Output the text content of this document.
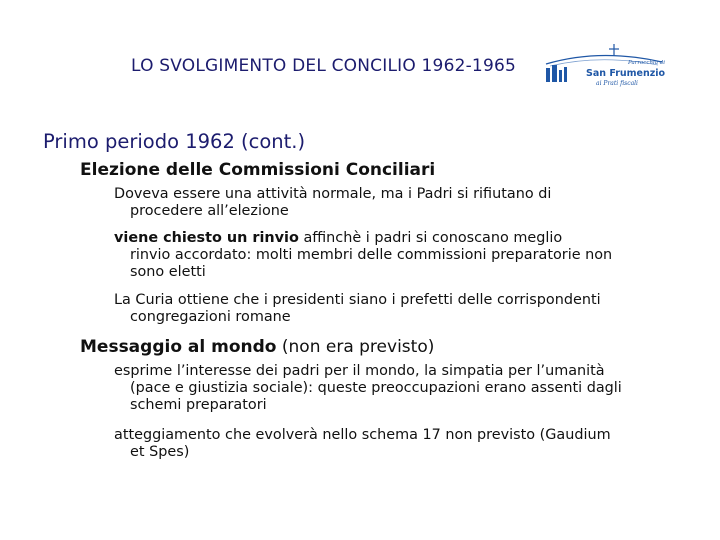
LO SVOLGIMENTO DEL CONCILIO 1962-1965	Parrocchia di
San Frumenzio
ai Prati fiscali
Primo periodo 1962 (cont.)
Elezione delle Commissioni Conciliari
Doveva essere una attività normale, ma i Padri si rifiutano di
procedere all’elezione
viene chiesto un rinvio affinchè i padri si conoscano meglio
rinvio accordato: molti membri delle commissioni preparatorie non
sono eletti
La Curia ottiene che i presidenti siano i prefetti delle corrispondenti
congregazioni romane
Messaggio al mondo (non era previsto)
esprime l’interesse dei padri per il mondo, la simpatia per l’umanità
(pace e giustizia sociale): queste preoccupazioni erano assenti dagli
schemi preparatori
atteggiamento che evolverà nello schema 17 non previsto (Gaudium
et Spes)
